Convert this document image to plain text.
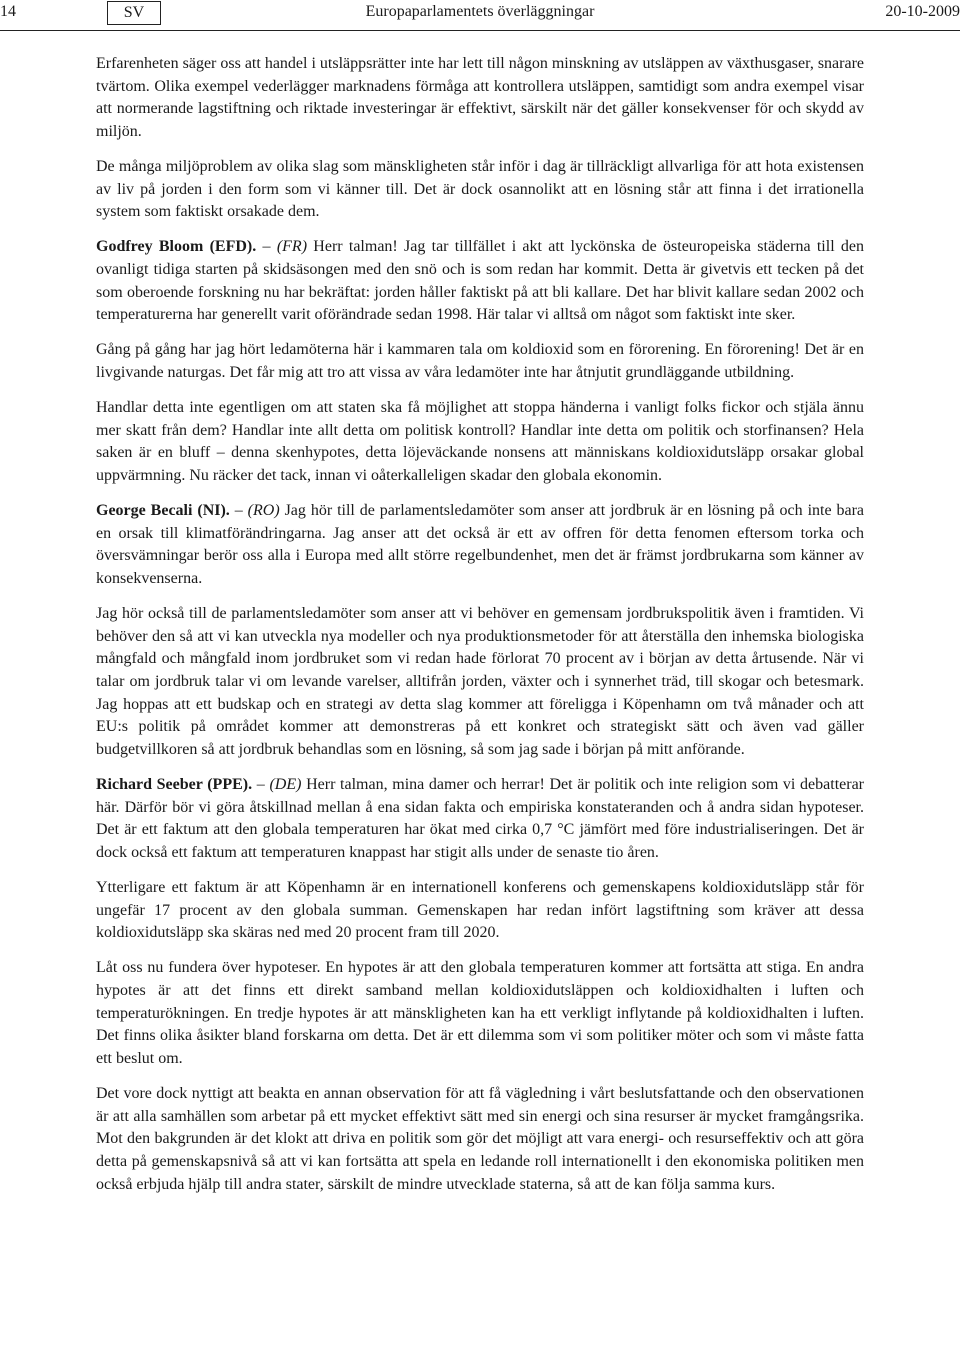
14	SV	Europaparlamentets överläggningar	20-10-2009

Erfarenheten säger oss att handel i utsläppsrätter inte har lett till någon minskning av utsläppen av växthusgaser, snarare tvärtom. Olika exempel vederlägger marknadens förmåga att kontrollera utsläppen, samtidigt som andra exempel visar att normerande lagstiftning och riktade investeringar är effektivt, särskilt när det gäller konsekvenser för och skydd av miljön.

De många miljöproblem av olika slag som mänskligheten står inför i dag är tillräckligt allvarliga för att hota existensen av liv på jorden i den form som vi känner till. Det är dock osannolikt att en lösning står att finna i det irrationella system som faktiskt orsakade dem.

Godfrey Bloom (EFD). – (FR) Herr talman! Jag tar tillfället i akt att lyckönska de östeuropeiska städerna till den ovanligt tidiga starten på skidsäsongen med den snö och is som redan har kommit. Detta är givetvis ett tecken på det som oberoende forskning nu har bekräftat: jorden håller faktiskt på att bli kallare. Det har blivit kallare sedan 2002 och temperaturerna har generellt varit oförändrade sedan 1998. Här talar vi alltså om något som faktiskt inte sker.

Gång på gång har jag hört ledamöterna här i kammaren tala om koldioxid som en förorening. En förorening! Det är en livgivande naturgas. Det får mig att tro att vissa av våra ledamöter inte har åtnjutit grundläggande utbildning.

Handlar detta inte egentligen om att staten ska få möjlighet att stoppa händerna i vanligt folks fickor och stjäla ännu mer skatt från dem? Handlar inte allt detta om politisk kontroll? Handlar inte detta om politik och storfinansen? Hela saken är en bluff – denna skenhypotes, detta löjeväckande nonsens att människans koldioxidutsläpp orsakar global uppvärmning. Nu räcker det tack, innan vi oåterkalleligen skadar den globala ekonomin.

George Becali (NI). – (RO) Jag hör till de parlamentsledamöter som anser att jordbruk är en lösning på och inte bara en orsak till klimatförändringarna. Jag anser att det också är ett av offren för detta fenomen eftersom torka och översvämningar berör oss alla i Europa med allt större regelbundenhet, men det är främst jordbrukarna som känner av konsekvenserna.

Jag hör också till de parlamentsledamöter som anser att vi behöver en gemensam jordbrukspolitik även i framtiden. Vi behöver den så att vi kan utveckla nya modeller och nya produktionsmetoder för att återställa den inhemska biologiska mångfald och mångfald inom jordbruket som vi redan hade förlorat 70 procent av i början av detta årtusende. När vi talar om jordbruk talar vi om levande varelser, alltifrån jorden, växter och i synnerhet träd, till skogar och betesmark. Jag hoppas att ett budskap och en strategi av detta slag kommer att föreligga i Köpenhamn om två månader och att EU:s politik på området kommer att demonstreras på ett konkret och strategiskt sätt och även vad gäller budgetvillkoren så att jordbruk behandlas som en lösning, så som jag sade i början på mitt anförande.

Richard Seeber (PPE). – (DE) Herr talman, mina damer och herrar! Det är politik och inte religion som vi debatterar här. Därför bör vi göra åtskillnad mellan å ena sidan fakta och empiriska konstateranden och å andra sidan hypoteser. Det är ett faktum att den globala temperaturen har ökat med cirka 0,7 °C jämfört med före industrialiseringen. Det är dock också ett faktum att temperaturen knappast har stigit alls under de senaste tio åren.

Ytterligare ett faktum är att Köpenhamn är en internationell konferens och gemenskapens koldioxidutsläpp står för ungefär 17 procent av den globala summan. Gemenskapen har redan infört lagstiftning som kräver att dessa koldioxidutsläpp ska skäras ned med 20 procent fram till 2020.

Låt oss nu fundera över hypoteser. En hypotes är att den globala temperaturen kommer att fortsätta att stiga. En andra hypotes är att det finns ett direkt samband mellan koldioxidutsläppen och koldioxidhalten i luften och temperaturökningen. En tredje hypotes är att mänskligheten kan ha ett verkligt inflytande på koldioxidhalten i luften. Det finns olika åsikter bland forskarna om detta. Det är ett dilemma som vi som politiker möter och som vi måste fatta ett beslut om.

Det vore dock nyttigt att beakta en annan observation för att få vägledning i vårt beslutsfattande och den observationen är att alla samhällen som arbetar på ett mycket effektivt sätt med sin energi och sina resurser är mycket framgångsrika. Mot den bakgrunden är det klokt att driva en politik som gör det möjligt att vara energi- och resurseffektiv och att göra detta på gemenskapsnivå så att vi kan fortsätta att spela en ledande roll internationellt i den ekonomiska politiken men också erbjuda hjälp till andra stater, särskilt de mindre utvecklade staterna, så att de kan följa samma kurs.
